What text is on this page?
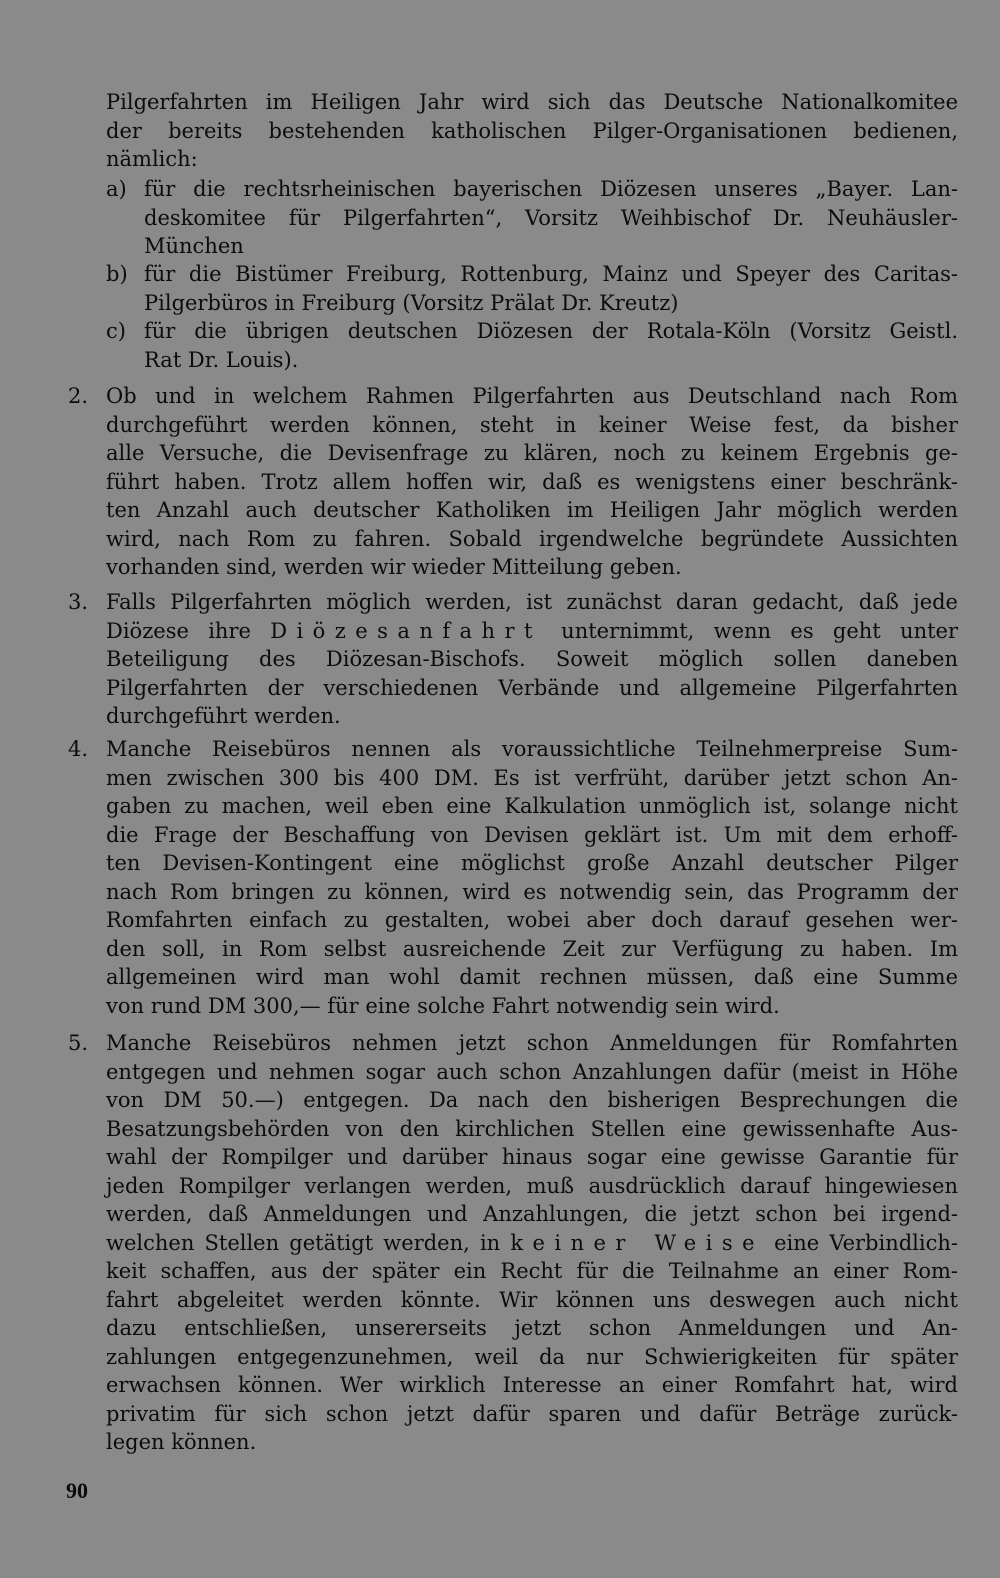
Pilgerfahrten im Heiligen Jahr wird sich das Deutsche Nationalkomitee
der bereits bestehenden katholischen Pilger-Organisationen bedienen,
nämlich:
a) für die rechtsrheinischen bayerischen Diözesen unseres „Bayer. Lan-
deskomitee für Pilgerfahrten“, Vorsitz Weihbischof Dr. Neuhäusler-
München
b) für die Bistümer Freiburg, Rottenburg, Mainz und Speyer des Caritas-
Pilgerbüros in Freiburg (Vorsitz Prälat Dr. Kreutz)
c) für die übrigen deutschen Diözesen der Rotala-Köln (Vorsitz Geistl.
Rat Dr. Louis).
2. Ob und in welchem Rahmen Pilgerfahrten aus Deutschland nach Rom
durchgeführt werden können, steht in keiner Weise fest, da bisher
alle Versuche, die Devisenfrage zu klären, noch zu keinem Ergebnis ge-
führt haben. Trotz allem hoffen wir, daß es wenigstens einer beschränk-
ten Anzahl auch deutscher Katholiken im Heiligen Jahr möglich werden
wird, nach Rom zu fahren. Sobald irgendwelche begründete Aussichten
vorhanden sind, werden wir wieder Mitteilung geben.
3. Falls Pilgerfahrten möglich werden, ist zunächst daran gedacht, daß jede
Diözese ihre Diözesanfahrt unternimmt, wenn es geht unter
Beteiligung des Diözesan-Bischofs. Soweit möglich sollen daneben
Pilgerfahrten der verschiedenen Verbände und allgemeine Pilgerfahrten
durchgeführt werden.
4. Manche Reisebüros nennen als voraussichtliche Teilnehmerpreise Sum-
men zwischen 300 bis 400 DM. Es ist verfrüht, darüber jetzt schon An-
gaben zu machen, weil eben eine Kalkulation unmöglich ist, solange nicht
die Frage der Beschaffung von Devisen geklärt ist. Um mit dem erhoff-
ten Devisen-Kontingent eine möglichst große Anzahl deutscher Pilger
nach Rom bringen zu können, wird es notwendig sein, das Programm der
Romfahrten einfach zu gestalten, wobei aber doch darauf gesehen wer-
den soll, in Rom selbst ausreichende Zeit zur Verfügung zu haben. Im
allgemeinen wird man wohl damit rechnen müssen, daß eine Summe
von rund DM 300,— für eine solche Fahrt notwendig sein wird.
5. Manche Reisebüros nehmen jetzt schon Anmeldungen für Romfahrten
entgegen und nehmen sogar auch schon Anzahlungen dafür (meist in Höhe
von DM 50.—) entgegen. Da nach den bisherigen Besprechungen die
Besatzungsbehörden von den kirchlichen Stellen eine gewissenhafte Aus-
wahl der Rompilger und darüber hinaus sogar eine gewisse Garantie für
jeden Rompilger verlangen werden, muß ausdrücklich darauf hingewiesen
werden, daß Anmeldungen und Anzahlungen, die jetzt schon bei irgend-
welchen Stellen getätigt werden, in keiner Weise eine Verbindlich-
keit schaffen, aus der später ein Recht für die Teilnahme an einer Rom-
fahrt abgeleitet werden könnte. Wir können uns deswegen auch nicht
dazu entschließen, unsererseits jetzt schon Anmeldungen und An-
zahlungen entgegenzunehmen, weil da nur Schwierigkeiten für später
erwachsen können. Wer wirklich Interesse an einer Romfahrt hat, wird
privatim für sich schon jetzt dafür sparen und dafür Beträge zurück-
legen können.
90
